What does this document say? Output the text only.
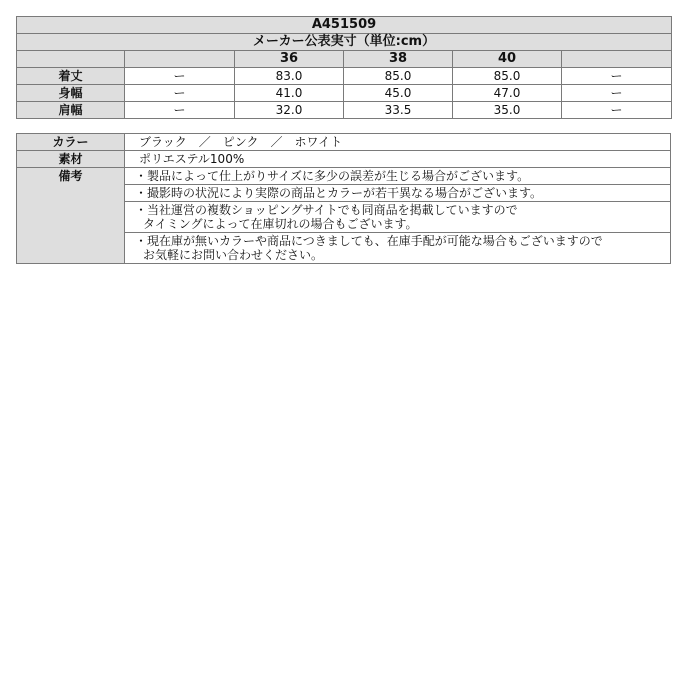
A451509					
メーカー公表実寸（単位:cm）					
		36	38	40	
着丈	ー	83.0	85.0	85.0	ー
身幅	ー	41.0	45.0	47.0	ー
肩幅	ー	32.0	33.5	35.0	ー
カラー	ブラック　／　ピンク　／　ホワイト
素材	ポリエステル100%
備考	・製品によって仕上がりサイズに多少の誤差が生じる場合がございます。

	・撮影時の状況により実際の商品とカラーが若干異なる場合がございます。

	・当社運営の複数ショッピングサイトでも同商品を掲載していますので
タイミングによって在庫切れの場合もございます。

	・現在庫が無いカラーや商品につきましても、在庫手配が可能な場合もございますので
お気軽にお問い合わせください。
